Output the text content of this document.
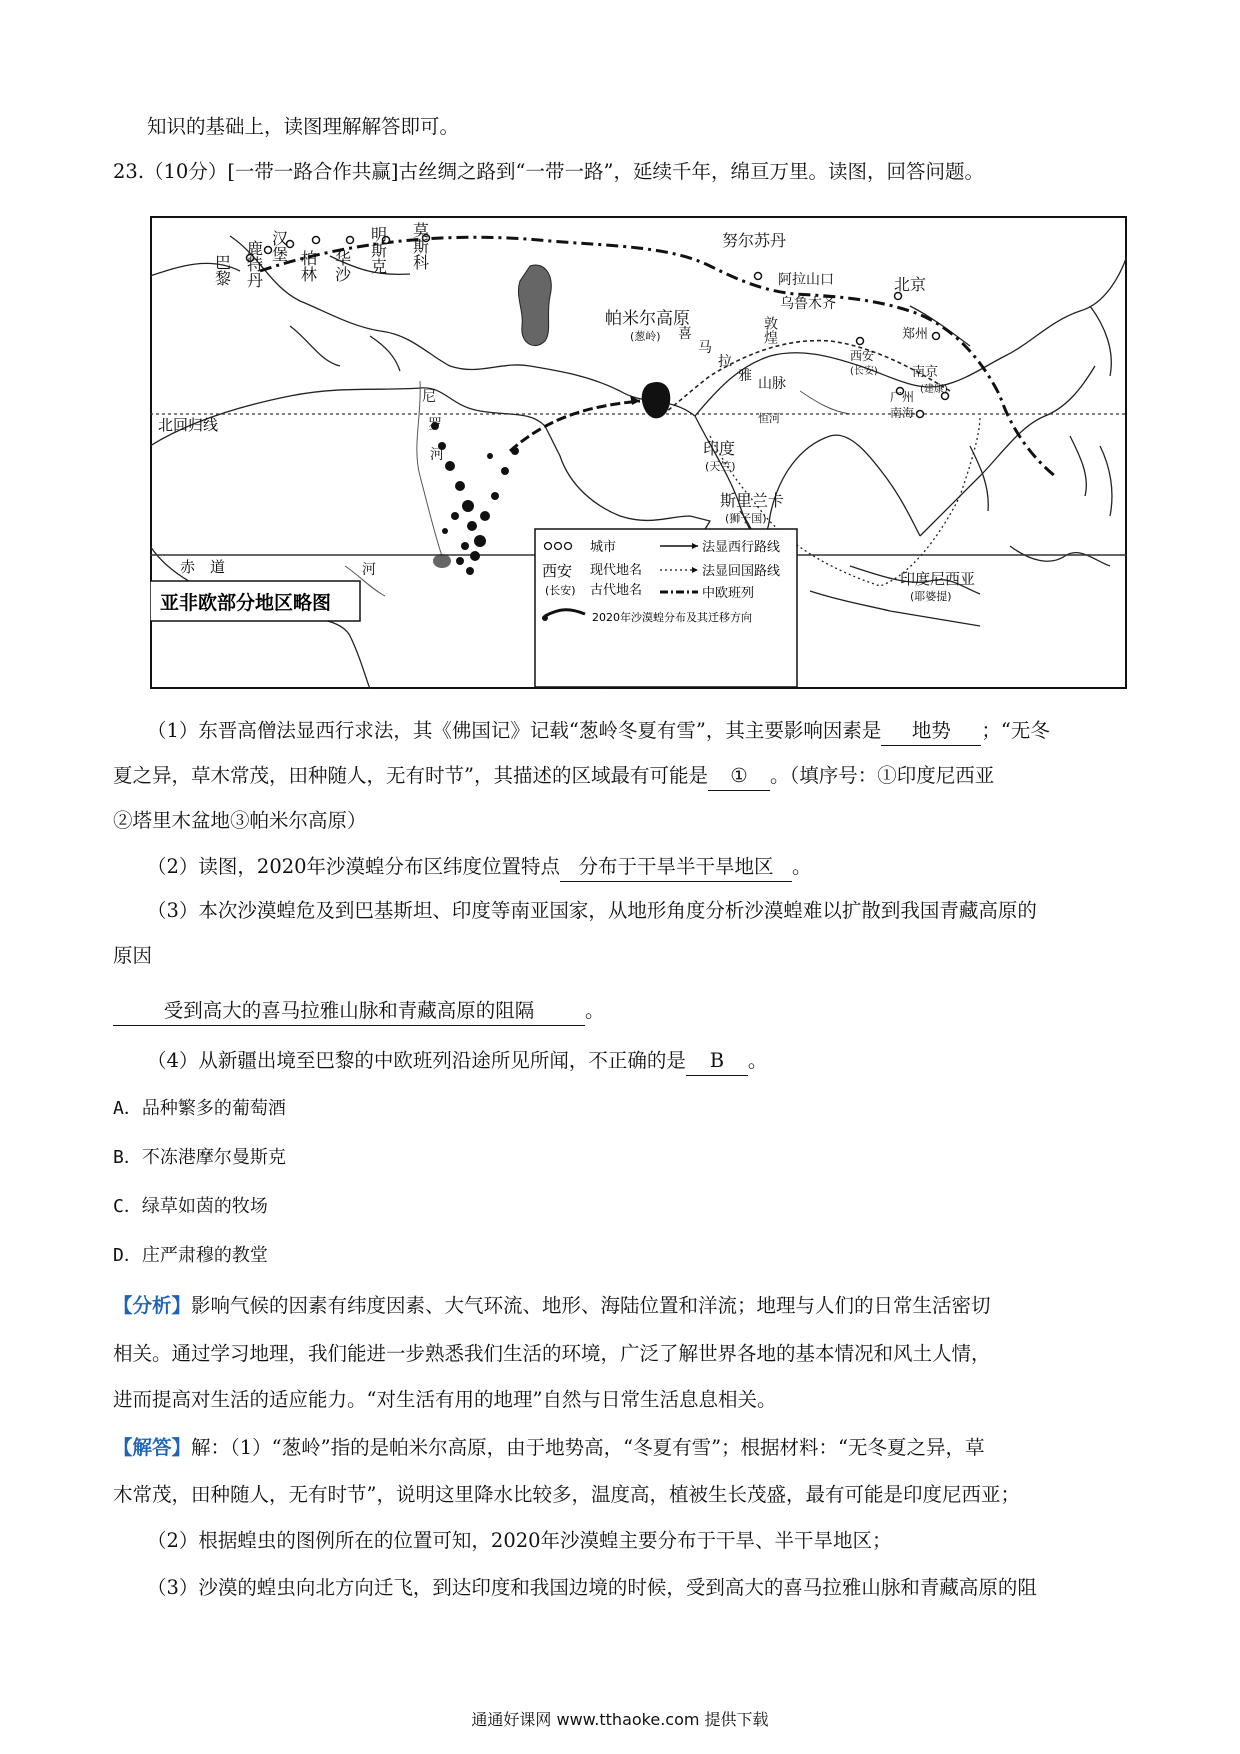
知识的基础上，读图理解解答即可。
23.（10分）[一带一路合作共赢]古丝绸之路到“一带一路”，延续千年，绵亘万里。读图，回答问题。
北回归线
赤　道
亚非欧部分地区略图
巴黎 鹿特丹 汉堡
柏林 华沙 明斯克 莫斯科	努尔苏丹
阿拉山口
乌鲁木齐
北京
郑州
帕米尔高原
(葱岭)	敦煌
西安
(长安)	南京
(建康)
广州
南海
喜
马
拉
雅 山脉
印度
(天竺)
斯里兰卡
(狮子国)
印度尼西亚
(耶婆提)
尼
罗
河
河
恒河
城市
西安
(长安)
现代地名
古代地名
法显西行路线
法显回国路线
中欧班列
2020年沙漠蝗分布及其迁移方向
（1）东晋高僧法显西行求法，其《佛国记》记载“葱岭冬夏有雪”，其主要影响因素是 地势 ；“无冬
夏之异，草木常茂，田种随人，无有时节”，其描述的区域最有可能是 ① 。（填序号：①印度尼西亚
②塔里木盆地③帕米尔高原）
（2）读图，2020年沙漠蝗分布区纬度位置特点 分布于干旱半干旱地区 。
（3）本次沙漠蝗危及到巴基斯坦、印度等南亚国家，从地形角度分析沙漠蝗难以扩散到我国青藏高原的
原因
受到高大的喜马拉雅山脉和青藏高原的阻隔	。
（4）从新疆出境至巴黎的中欧班列沿途所见所闻，不正确的是 B 。
A．品种繁多的葡萄酒
B．不冻港摩尔曼斯克
C．绿草如茵的牧场
D．庄严肃穆的教堂
【分析】影响气候的因素有纬度因素、大气环流、地形、海陆位置和洋流；地理与人们的日常生活密切
相关。通过学习地理，我们能进一步熟悉我们生活的环境，广泛了解世界各地的基本情况和风土人情，
进而提高对生活的适应能力。“对生活有用的地理”自然与日常生活息息相关。
【解答】解：（1）“葱岭”指的是帕米尔高原，由于地势高，“冬夏有雪”；根据材料：“无冬夏之异，草
木常茂，田种随人，无有时节”，说明这里降水比较多，温度高，植被生长茂盛，最有可能是印度尼西亚；
（2）根据蝗虫的图例所在的位置可知，2020年沙漠蝗主要分布于干旱、半干旱地区；
（3）沙漠的蝗虫向北方向迁飞，到达印度和我国边境的时候，受到高大的喜马拉雅山脉和青藏高原的阻
通通好课网 www.tthaoke.com 提供下载
